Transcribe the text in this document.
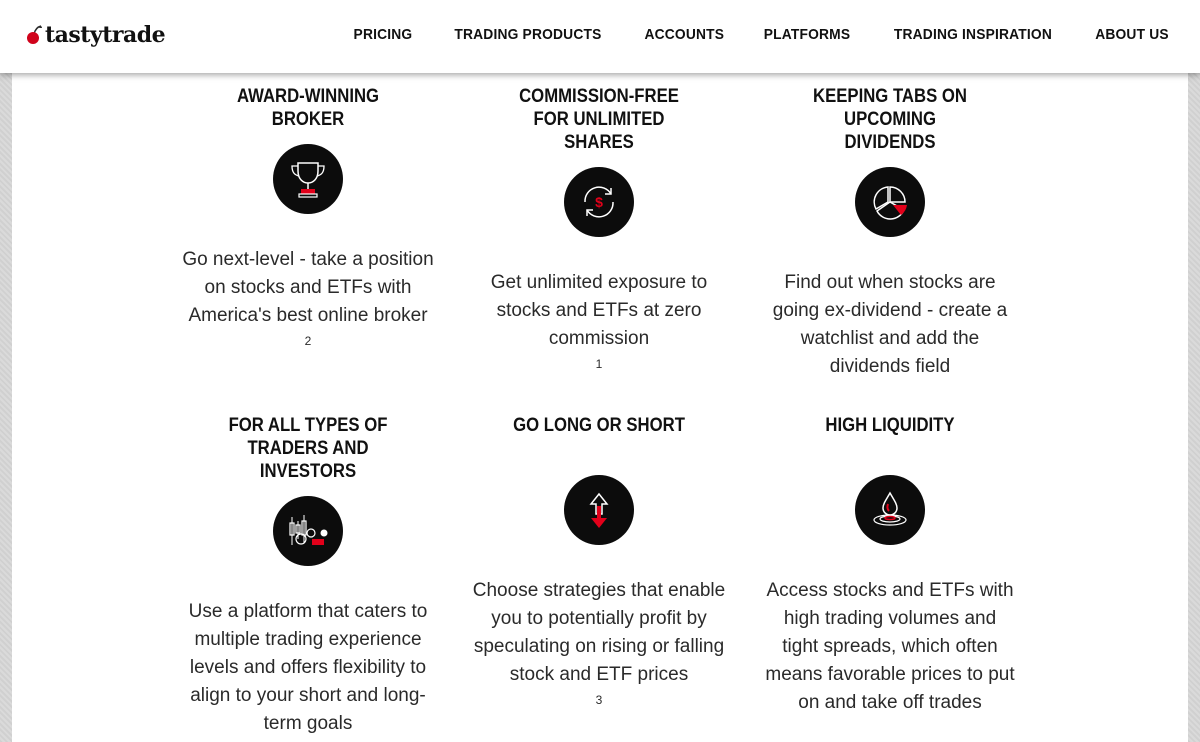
tastytrade	PRICING	TRADING PRODUCTS	ACCOUNTS	PLATFORMS	TRADING INSPIRATION	ABOUT US
AWARD-WINNING
BROKER

Go next-level - take a position
on stocks and ETFs with
America's best online broker
$^2$

COMMISSION-FREE
FOR UNLIMITED
SHARES
$

Get unlimited exposure to
stocks and ETFs at zero
commission
$^1$

KEEPING TABS ON
UPCOMING
DIVIDENDS

Find out when stocks are
going ex-dividend - create a
watchlist and add the
dividends field

FOR ALL TYPES OF
TRADERS AND
INVESTORS

Use a platform that caters to
multiple trading experience
levels and offers flexibility to
align to your short and long-
term goals

GO LONG OR SHORT

Choose strategies that enable
you to potentially profit by
speculating on rising or falling
stock and ETF prices
$^3$

HIGH LIQUIDITY

Access stocks and ETFs with
high trading volumes and
tight spreads, which often
means favorable prices to put
on and take off trades
